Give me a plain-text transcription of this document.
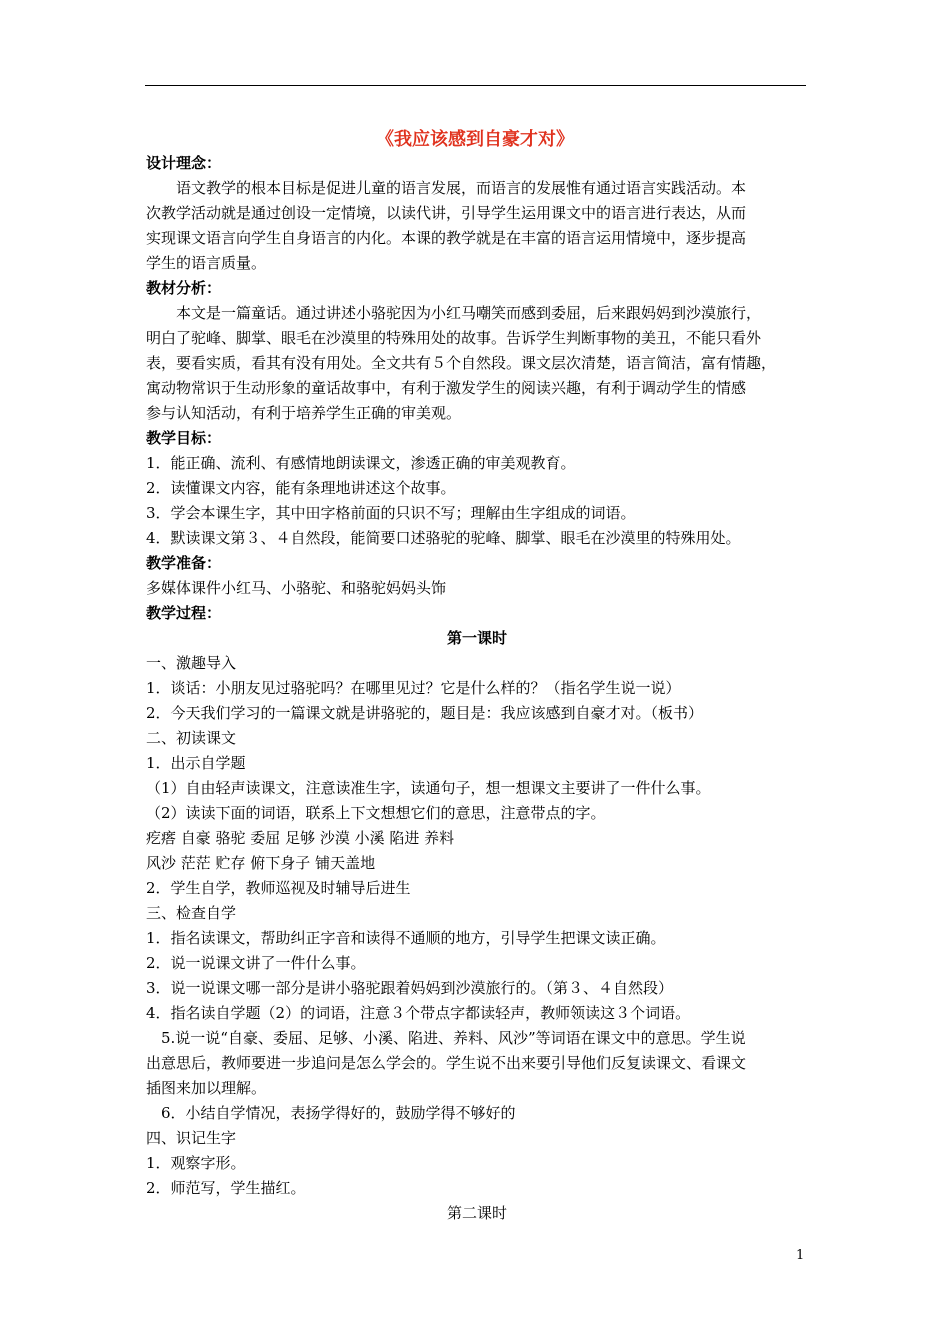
《我应该感到自豪才对》
设计理念：
　　语文教学的根本目标是促进儿童的语言发展，而语言的发展惟有通过语言实践活动。本
次教学活动就是通过创设一定情境，以读代讲，引导学生运用课文中的语言进行表达，从而
实现课文语言向学生自身语言的内化。本课的教学就是在丰富的语言运用情境中，逐步提高
学生的语言质量。
教材分析：
　　本文是一篇童话。通过讲述小骆驼因为小红马嘲笑而感到委屈，后来跟妈妈到沙漠旅行，
明白了驼峰、脚掌、眼毛在沙漠里的特殊用处的故事。告诉学生判断事物的美丑，不能只看外
表，要看实质，看其有没有用处。全文共有５个自然段。课文层次清楚，语言简洁，富有情趣，
寓动物常识于生动形象的童话故事中，有利于激发学生的阅读兴趣，有利于调动学生的情感
参与认知活动，有利于培养学生正确的审美观。
教学目标：
1．能正确、流利、有感情地朗读课文，渗透正确的审美观教育。
2．读懂课文内容，能有条理地讲述这个故事。
3．学会本课生字，其中田字格前面的只识不写；理解由生字组成的词语。
4．默读课文第３、４自然段，能简要口述骆驼的驼峰、脚掌、眼毛在沙漠里的特殊用处。
教学准备：
多媒体课件小红马、小骆驼、和骆驼妈妈头饰
教学过程：
第一课时
一、激趣导入
1．谈话：小朋友见过骆驼吗？在哪里见过？它是什么样的？（指名学生说一说）
2．今天我们学习的一篇课文就是讲骆驼的，题目是：我应该感到自豪才对。（板书）
二、初读课文
1．出示自学题
（1）自由轻声读课文，注意读准生字，读通句子，想一想课文主要讲了一件什么事。
（2）读读下面的词语，联系上下文想想它们的意思，注意带点的字。
疙瘩 自豪 骆驼 委屈 足够 沙漠 小溪 陷进 养料
风沙 茫茫 贮存 俯下身子 铺天盖地
2．学生自学，教师巡视及时辅导后进生
三、检查自学
1．指名读课文，帮助纠正字音和读得不通顺的地方，引导学生把课文读正确。
2．说一说课文讲了一件什么事。
3．说一说课文哪一部分是讲小骆驼跟着妈妈到沙漠旅行的。（第３、４自然段）
4．指名读自学题（2）的词语，注意３个带点字都读轻声，教师领读这３个词语。
　5.说一说“自豪、委屈、足够、小溪、陷进、养料、风沙”等词语在课文中的意思。学生说
出意思后，教师要进一步追问是怎么学会的。学生说不出来要引导他们反复读课文、看课文
插图来加以理解。
　6．小结自学情况，表扬学得好的，鼓励学得不够好的
四、识记生字
1．观察字形。
2．师范写，学生描红。
第二课时
1
